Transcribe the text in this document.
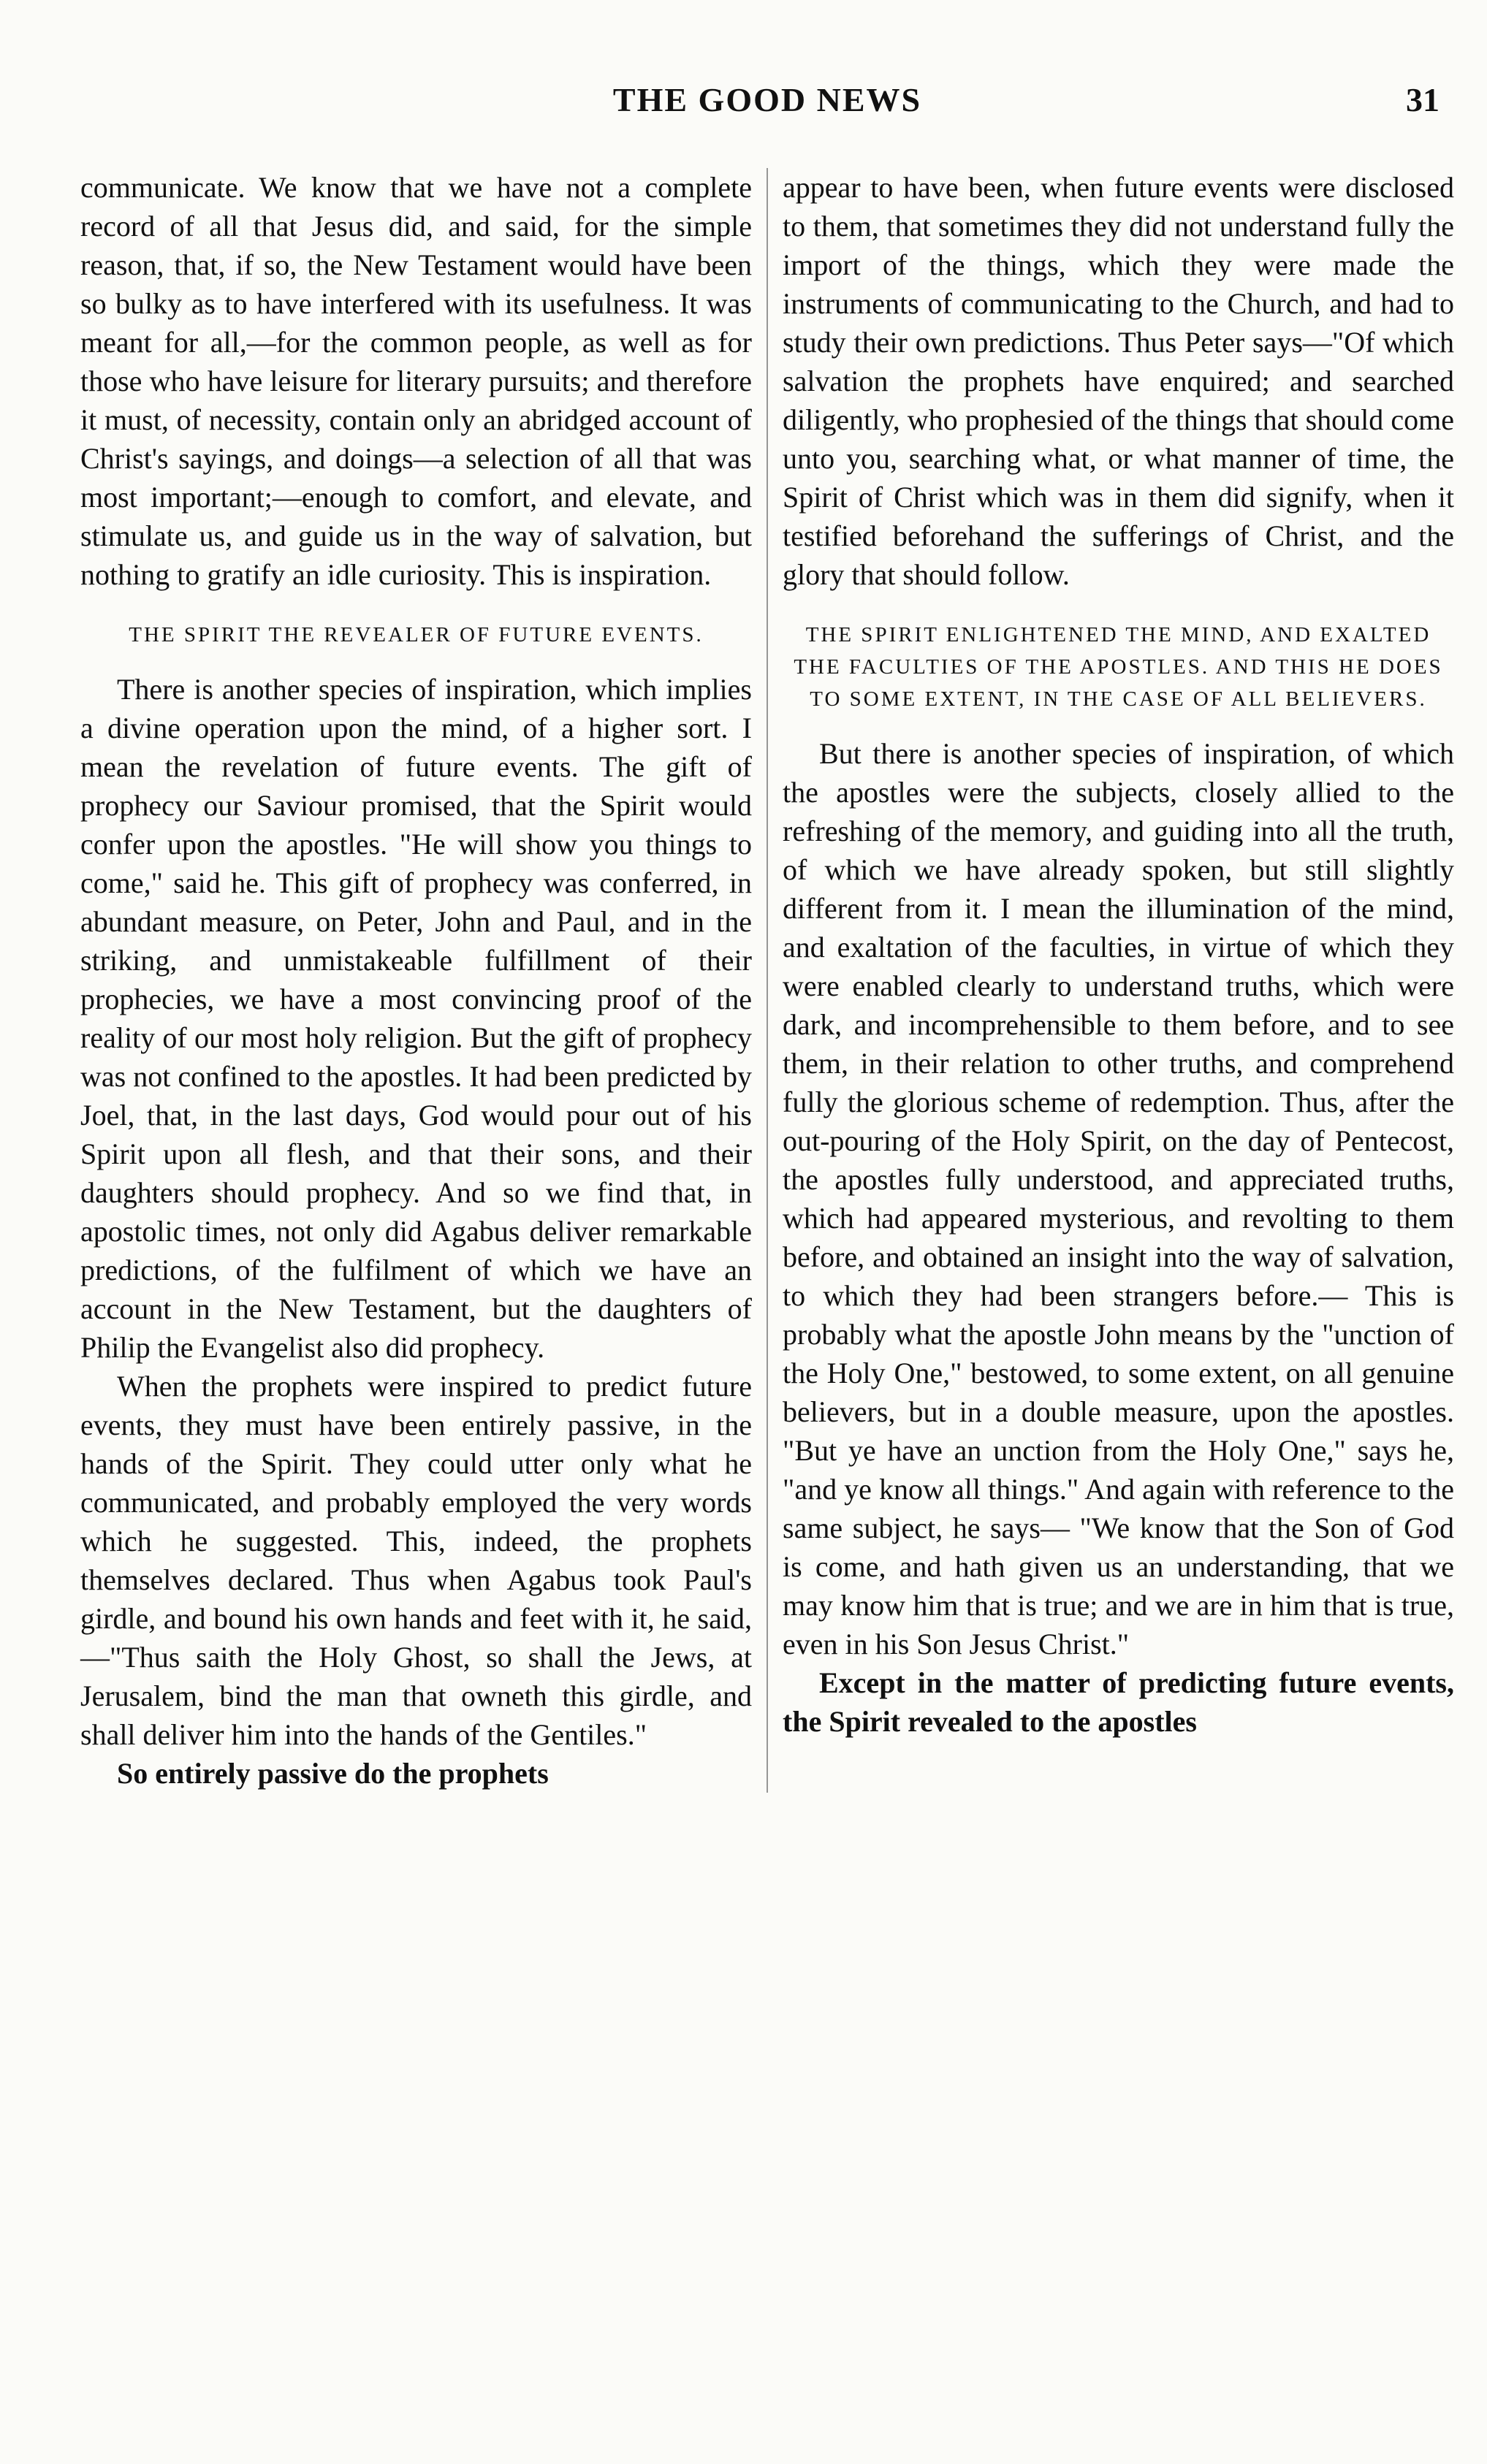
THE GOOD NEWS	31

communicate. We know that we have not a complete record of all that Jesus did, and said, for the simple reason, that, if so, the New Testament would have been so bulky as to have interfered with its usefulness. It was meant for all,—for the common people, as well as for those who have leisure for literary pursuits; and therefore it must, of necessity, contain only an abridged account of Christ's sayings, and doings—a selection of all that was most important;—enough to comfort, and elevate, and stimulate us, and guide us in the way of salvation, but nothing to gratify an idle curiosity. This is inspiration.

THE SPIRIT THE REVEALER OF FUTURE EVENTS.

There is another species of inspiration, which implies a divine operation upon the mind, of a higher sort. I mean the revelation of future events. The gift of prophecy our Saviour promised, that the Spirit would confer upon the apostles. "He will show you things to come," said he. This gift of prophecy was conferred, in abundant measure, on Peter, John and Paul, and in the striking, and unmistakeable fulfillment of their prophecies, we have a most convincing proof of the reality of our most holy religion. But the gift of prophecy was not confined to the apostles. It had been predicted by Joel, that, in the last days, God would pour out of his Spirit upon all flesh, and that their sons, and their daughters should prophecy. And so we find that, in apostolic times, not only did Agabus deliver remarkable predictions, of the fulfilment of which we have an account in the New Testament, but the daughters of Philip the Evangelist also did prophecy.

When the prophets were inspired to predict future events, they must have been entirely passive, in the hands of the Spirit. They could utter only what he communicated, and probably employed the very words which he suggested. This, indeed, the prophets themselves declared. Thus when Agabus took Paul's girdle, and bound his own hands and feet with it, he said,—"Thus saith the Holy Ghost, so shall the Jews, at Jerusalem, bind the man that owneth this girdle, and shall deliver him into the hands of the Gentiles."

So entirely passive do the prophets

appear to have been, when future events were disclosed to them, that sometimes they did not understand fully the import of the things, which they were made the instruments of communicating to the Church, and had to study their own predictions. Thus Peter says—"Of which salvation the prophets have enquired; and searched diligently, who prophesied of the things that should come unto you, searching what, or what manner of time, the Spirit of Christ which was in them did signify, when it testified beforehand the sufferings of Christ, and the glory that should follow.

THE SPIRIT ENLIGHTENED THE MIND, AND EXALTED THE FACULTIES OF THE APOSTLES. AND THIS HE DOES TO SOME EXTENT, IN THE CASE OF ALL BELIEVERS.

But there is another species of inspiration, of which the apostles were the subjects, closely allied to the refreshing of the memory, and guiding into all the truth, of which we have already spoken, but still slightly different from it. I mean the illumination of the mind, and exaltation of the faculties, in virtue of which they were enabled clearly to understand truths, which were dark, and incomprehensible to them before, and to see them, in their relation to other truths, and comprehend fully the glorious scheme of redemption. Thus, after the out-pouring of the Holy Spirit, on the day of Pentecost, the apostles fully understood, and appreciated truths, which had appeared mysterious, and revolting to them before, and obtained an insight into the way of salvation, to which they had been strangers before.— This is probably what the apostle John means by the "unction of the Holy One," bestowed, to some extent, on all genuine believers, but in a double measure, upon the apostles. "But ye have an unction from the Holy One," says he, "and ye know all things." And again with reference to the same subject, he says— "We know that the Son of God is come, and hath given us an understanding, that we may know him that is true; and we are in him that is true, even in his Son Jesus Christ."

Except in the matter of predicting future events, the Spirit revealed to the apostles
